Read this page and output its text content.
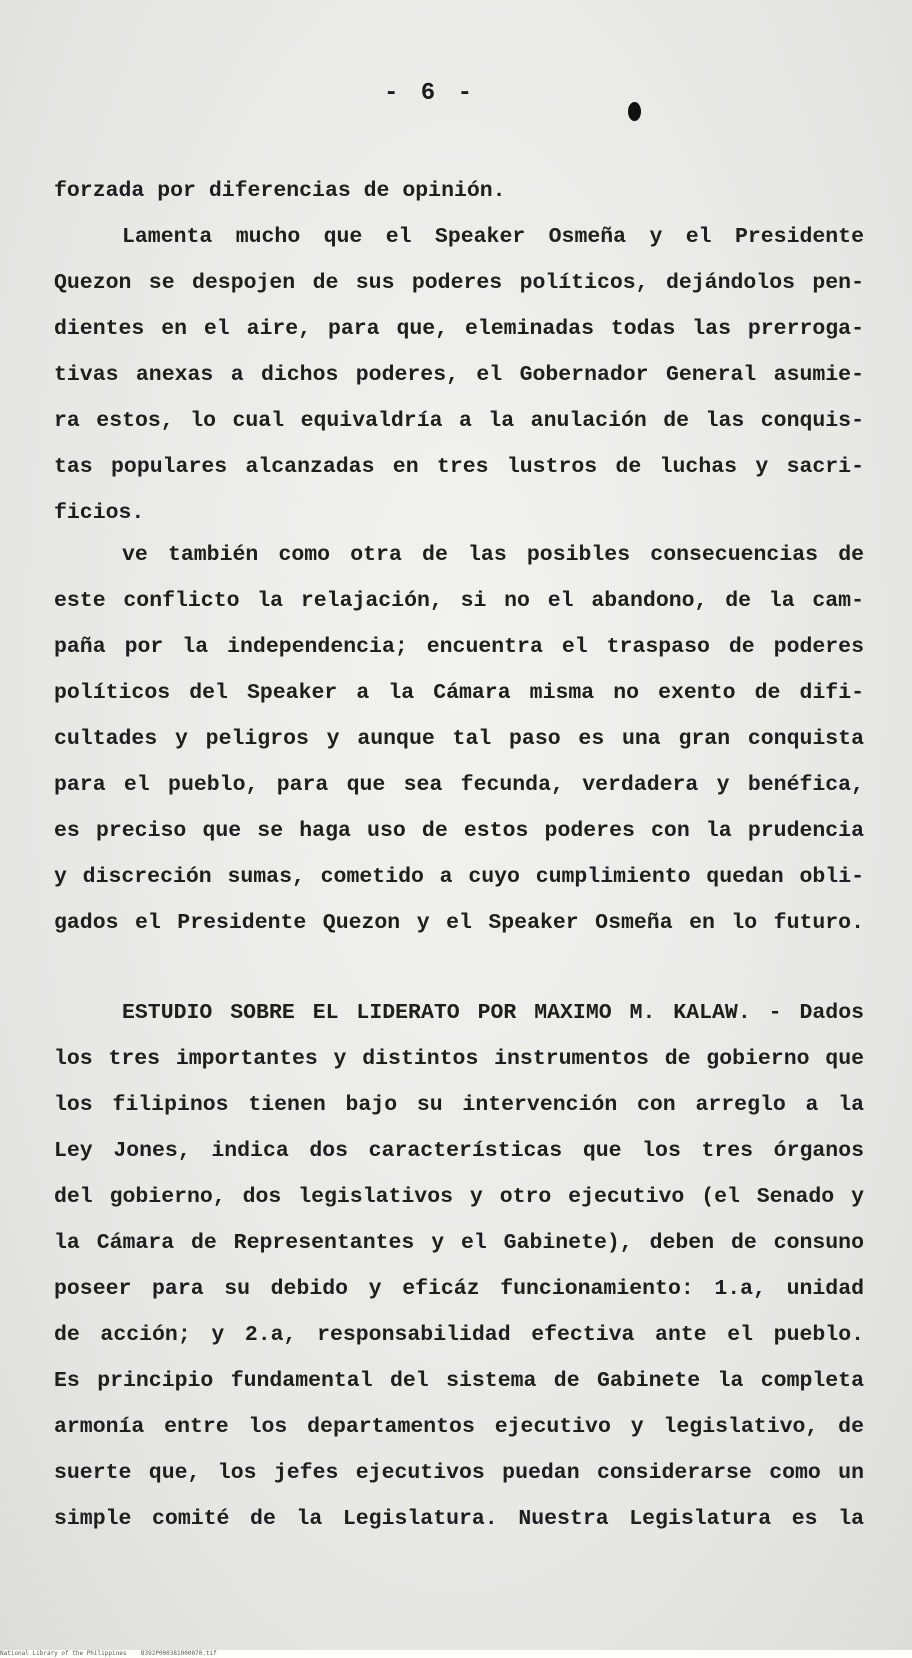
- 6 -
forzada por diferencias de opinión.
Lamenta mucho que el Speaker Osmeña y el Presidente
Quezon se despojen de sus poderes políticos, dejándolos pen-
dientes en el aire, para que, eleminadas todas las prerroga-
tivas anexas a dichos poderes, el Gobernador General asumie-
ra estos, lo cual equivaldría a la anulación de las conquis-
tas populares alcanzadas en tres lustros de luchas y sacri-
ficios.
ve también como otra de las posibles consecuencias de
este conflicto la relajación, si no el abandono, de la cam-
paña por la independencia; encuentra el traspaso de poderes
políticos del Speaker a la Cámara misma no exento de difi-
cultades y peligros y aunque tal paso es una gran conquista
para el pueblo, para que sea fecunda, verdadera y benéfica,
es preciso que se haga uso de estos poderes con la prudencia
y discreción sumas, cometido a cuyo cumplimiento quedan obli-
gados el Presidente Quezon y el Speaker Osmeña en lo futuro.
ESTUDIO SOBRE EL LIDERATO POR MAXIMO M. KALAW. - Dados
los tres importantes y distintos instrumentos de gobierno que
los filipinos tienen bajo su intervención con arreglo a la
Ley Jones, indica dos características que los tres órganos
del gobierno, dos legislativos y otro ejecutivo (el Senado y
la Cámara de Representantes y el Gabinete), deben de consuno
poseer para su debido y eficáz funcionamiento: 1.a, unidad
de acción; y 2.a, responsabilidad efectiva ante el pueblo.
Es principio fundamental del sistema de Gabinete la completa
armonía entre los departamentos ejecutivo y legislativo, de
suerte que, los jefes ejecutivos puedan considerarse como un
simple comité de la Legislatura. Nuestra Legislatura es la
National Library of the Philippines    B392P000381000070.tif
